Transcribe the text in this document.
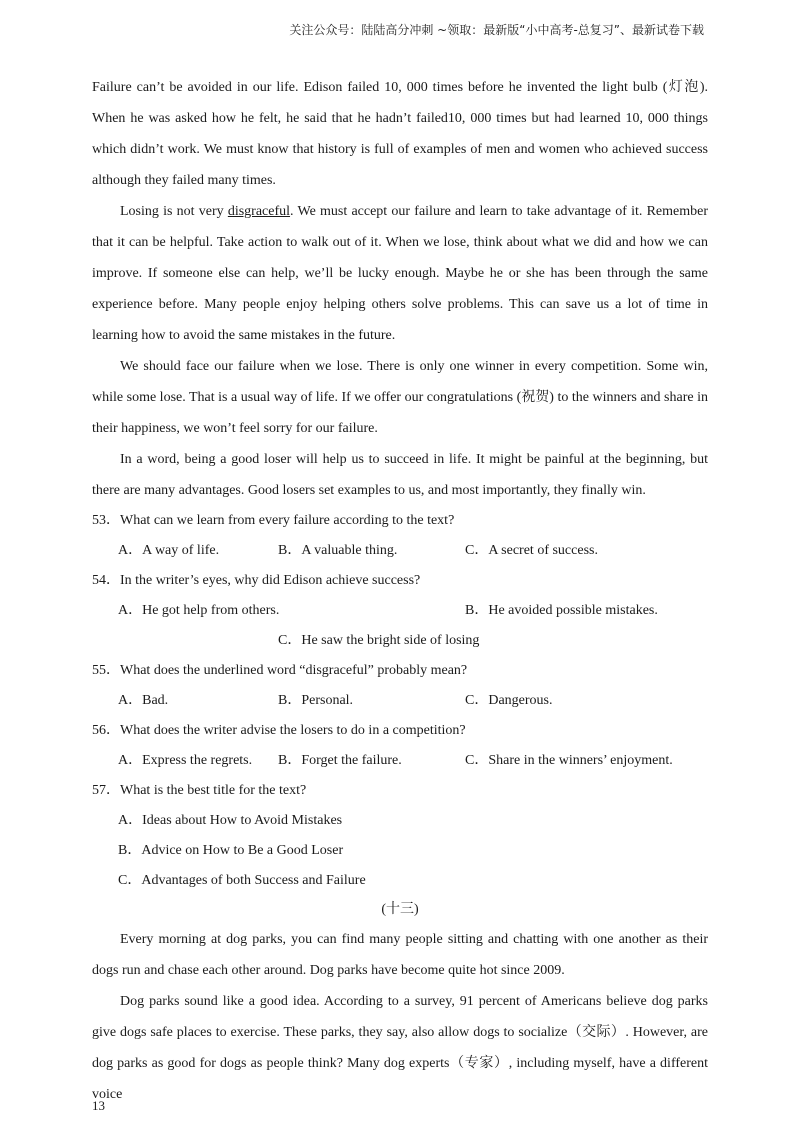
关注公众号：陆陆高分冲刺 ~领取：最新版“小中高考-总复习”、最新试卷下载

Failure can’t be avoided in our life. Edison failed 10, 000 times before he invented the light bulb (灯泡). When he was asked how he felt, he said that he hadn’t failed10, 000 times but had learned 10, 000 things which didn’t work. We must know that history is full of examples of men and women who achieved success although they failed many times.

Losing is not very disgraceful. We must accept our failure and learn to take advantage of it. Remember that it can be helpful. Take action to walk out of it. When we lose, think about what we did and how we can improve. If someone else can help, we’ll be lucky enough. Maybe he or she has been through the same experience before. Many people enjoy helping others solve problems. This can save us a lot of time in learning how to avoid the same mistakes in the future.

We should face our failure when we lose. There is only one winner in every competition. Some win, while some lose. That is a usual way of life. If we offer our congratulations (祝贺) to the winners and share in their happiness, we won’t feel sorry for our failure.

In a word, being a good loser will help us to succeed in life. It might be painful at the beginning, but there are many advantages. Good losers set examples to us, and most importantly, they finally win.

53．What can we learn from every failure according to the text?
A．A way of life.	B．A valuable thing.	C．A secret of success.
54．In the writer’s eyes, why did Edison achieve success?
A．He got help from others.	B．He avoided possible mistakes.
C．He saw the bright side of losing
55．What does the underlined word “disgraceful” probably mean?
A．Bad.	B．Personal.	C．Dangerous.
56．What does the writer advise the losers to do in a competition?
A．Express the regrets. B．Forget the failure.	C．Share in the winners’ enjoyment.
57．What is the best title for the text?
A．Ideas about How to Avoid Mistakes
B．Advice on How to Be a Good Loser
C．Advantages of both Success and Failure
(十三)

Every morning at dog parks, you can find many people sitting and chatting with one another as their dogs run and chase each other around. Dog parks have become quite hot since 2009.

Dog parks sound like a good idea. According to a survey, 91 percent of Americans believe dog parks give dogs safe places to exercise. These parks, they say, also allow dogs to socialize（交际）. However, are dog parks as good for dogs as people think? Many dog experts（专家）, including myself, have a different voice

13
